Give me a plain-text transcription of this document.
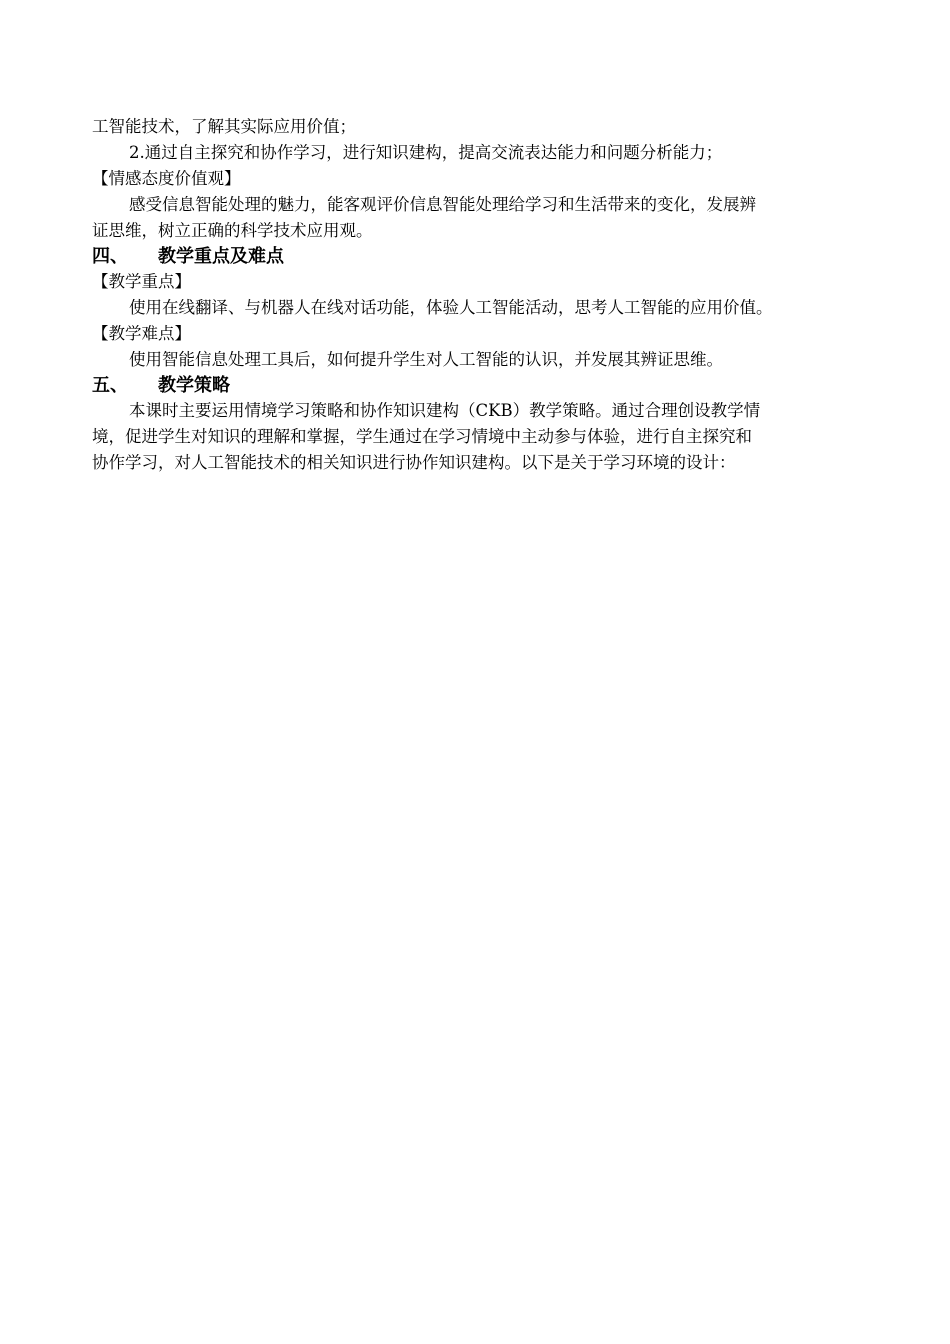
工智能技术，了解其实际应用价值；

2.通过自主探究和协作学习，进行知识建构，提高交流表达能力和问题分析能力；

【情感态度价值观】

感受信息智能处理的魅力，能客观评价信息智能处理给学习和生活带来的变化，发展辨

证思维，树立正确的科学技术应用观。

四、 教学重点及难点

【教学重点】

使用在线翻译、与机器人在线对话功能，体验人工智能活动，思考人工智能的应用价值。

【教学难点】

使用智能信息处理工具后，如何提升学生对人工智能的认识，并发展其辨证思维。

五、 教学策略

本课时主要运用情境学习策略和协作知识建构（CKB）教学策略。通过合理创设教学情

境，促进学生对知识的理解和掌握，学生通过在学习情境中主动参与体验，进行自主探究和

协作学习，对人工智能技术的相关知识进行协作知识建构。以下是关于学习环境的设计：
